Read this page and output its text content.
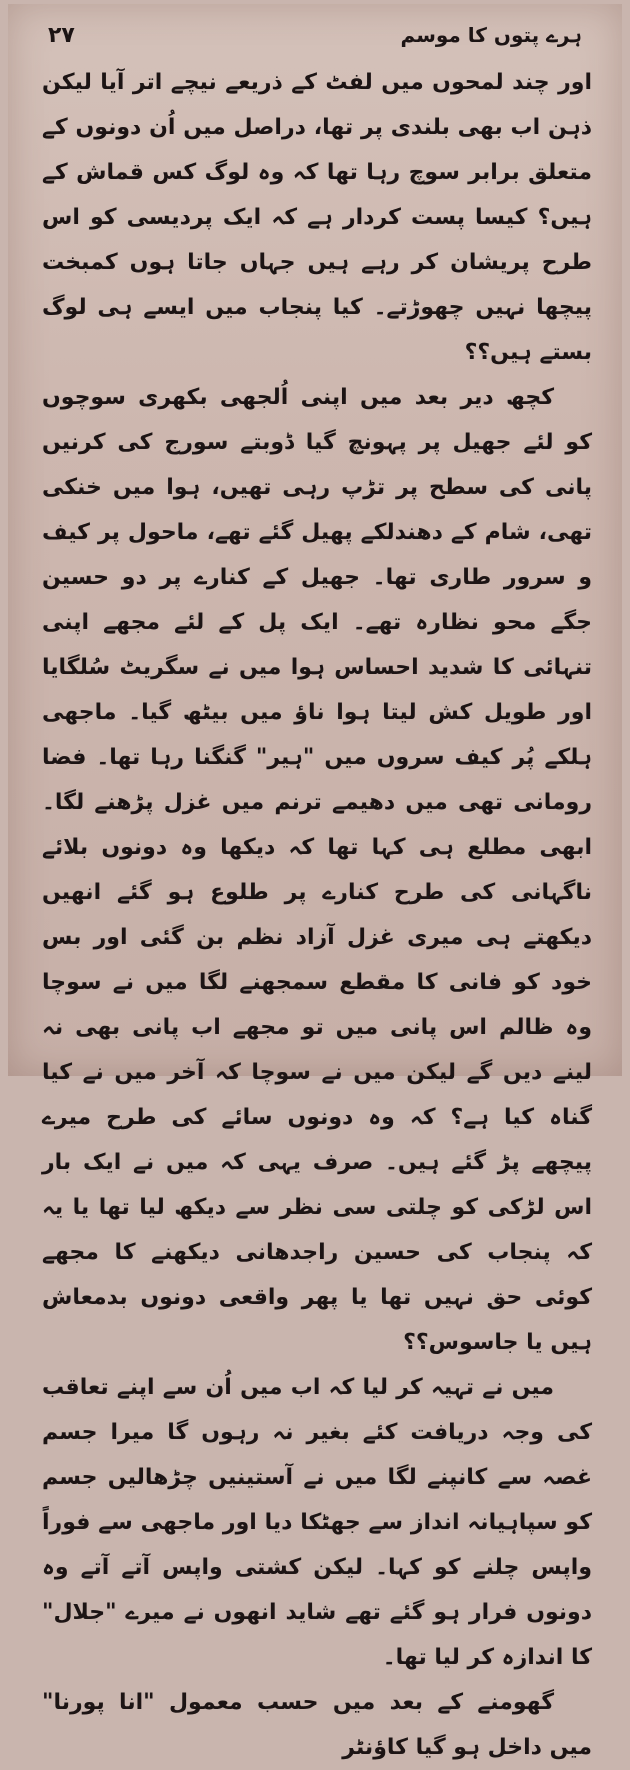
۲۷	ہرے پتوں کا موسم

اور چند لمحوں میں لفٹ کے ذریعے نیچے اتر آیا لیکن ذہن اب بھی بلندی پر تھا، دراصل میں اُن دونوں کے متعلق برابر سوچ رہا تھا کہ وہ لوگ کس قماش کے ہیں؟ کیسا پست کردار ہے کہ ایک پردیسی کو اس طرح پریشان کر رہے ہیں جہاں جاتا ہوں کمبخت پیچھا نہیں چھوڑتے۔ کیا پنجاب میں ایسے ہی لوگ بستے ہیں؟؟

کچھ دیر بعد میں اپنی اُلجھی بکھری سوچوں کو لئے جھیل پر پہونچ گیا ڈوبتے سورج کی کرنیں پانی کی سطح پر تڑپ رہی تھیں، ہوا میں خنکی تھی، شام کے دھندلکے پھیل گئے تھے، ماحول پر کیف و سرور طاری تھا۔ جھیل کے کنارے پر دو حسین جگے محو نظارہ تھے۔ ایک پل کے لئے مجھے اپنی تنہائی کا شدید احساس ہوا میں نے سگریٹ سُلگایا اور طویل کش لیتا ہوا ناؤ میں بیٹھ گیا۔ ماجھی ہلکے پُر کیف سروں میں "ہیر" گنگنا رہا تھا۔ فضا رومانی تھی میں دھیمے ترنم میں غزل پڑھنے لگا۔ ابھی مطلع ہی کہا تھا کہ دیکھا وہ دونوں بلائے ناگہانی کی طرح کنارے پر طلوع ہو گئے انھیں دیکھتے ہی میری غزل آزاد نظم بن گئی اور بس خود کو فانی کا مقطع سمجھنے لگا میں نے سوچا وہ ظالم اس پانی میں تو مجھے اب پانی بھی نہ لینے دیں گے لیکن میں نے سوچا کہ آخر میں نے کیا گناہ کیا ہے؟ کہ وہ دونوں سائے کی طرح میرے پیچھے پڑ گئے ہیں۔ صرف یہی کہ میں نے ایک بار اس لڑکی کو چلتی سی نظر سے دیکھ لیا تھا یا یہ کہ پنجاب کی حسین راجدھانی دیکھنے کا مجھے کوئی حق نہیں تھا یا پھر واقعی دونوں بدمعاش ہیں یا جاسوس؟؟

میں نے تہیہ کر لیا کہ اب میں اُن سے اپنے تعاقب کی وجہ دریافت کئے بغیر نہ رہوں گا میرا جسم غصہ سے کانپنے لگا میں نے آستینیں چڑھالیں جسم کو سپاہیانہ انداز سے جھٹکا دیا اور ماجھی سے فوراً واپس چلنے کو کہا۔ لیکن کشتی واپس آتے آتے وہ دونوں فرار ہو گئے تھے شاید انھوں نے میرے "جلال" کا اندازہ کر لیا تھا۔

گھومنے کے بعد میں حسب معمول "انا پورنا" میں داخل ہو گیا کاؤنٹر
